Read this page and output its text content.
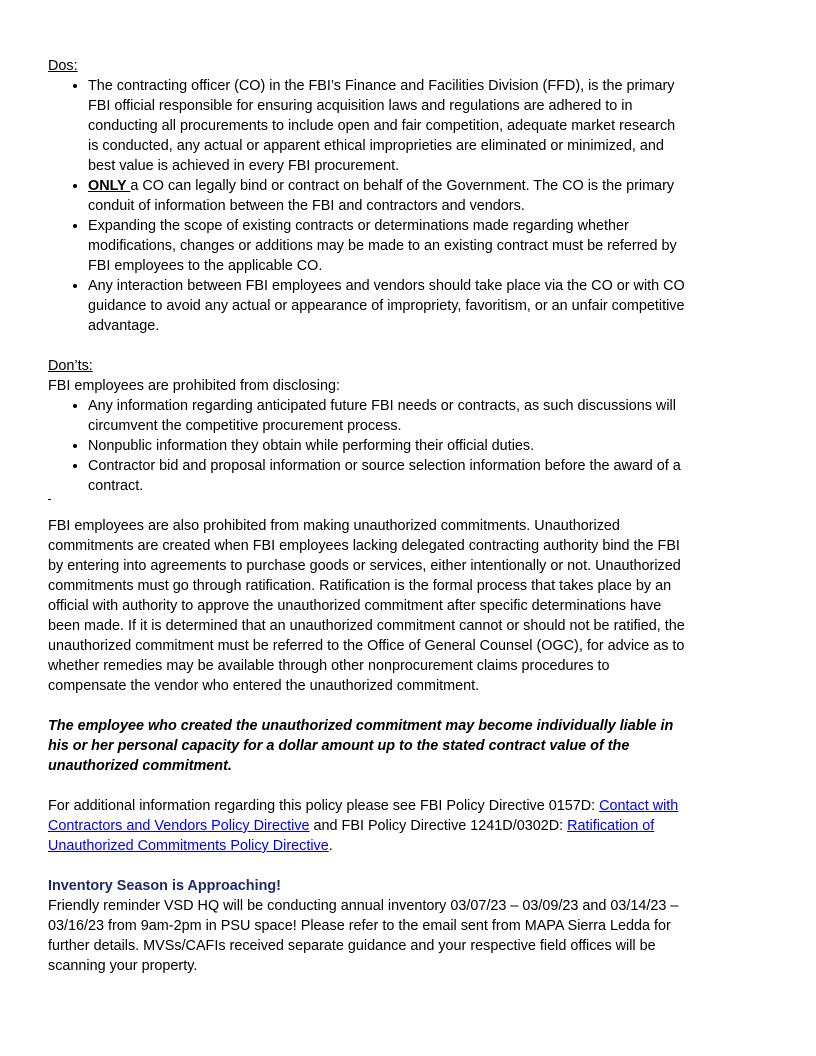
Dos:
• The contracting officer (CO) in the FBI’s Finance and Facilities Division (FFD), is the primary FBI official responsible for ensuring acquisition laws and regulations are adhered to in conducting all procurements to include open and fair competition, adequate market research is conducted, any actual or apparent ethical improprieties are eliminated or minimized, and best value is achieved in every FBI procurement.
• ONLY a CO can legally bind or contract on behalf of the Government. The CO is the primary conduit of information between the FBI and contractors and vendors.
• Expanding the scope of existing contracts or determinations made regarding whether modifications, changes or additions may be made to an existing contract must be referred by FBI employees to the applicable CO.
• Any interaction between FBI employees and vendors should take place via the CO or with CO guidance to avoid any actual or appearance of impropriety, favoritism, or an unfair competitive advantage.
Don’ts:
FBI employees are prohibited from disclosing:
• Any information regarding anticipated future FBI needs or contracts, as such discussions will circumvent the competitive procurement process.
• Nonpublic information they obtain while performing their official duties.
• Contractor bid and proposal information or source selection information before the award of a contract.
FBI employees are also prohibited from making unauthorized commitments. Unauthorized commitments are created when FBI employees lacking delegated contracting authority bind the FBI by entering into agreements to purchase goods or services, either intentionally or not. Unauthorized commitments must go through ratification. Ratification is the formal process that takes place by an official with authority to approve the unauthorized commitment after specific determinations have been made. If it is determined that an unauthorized commitment cannot or should not be ratified, the unauthorized commitment must be referred to the Office of General Counsel (OGC), for advice as to whether remedies may be available through other nonprocurement claims procedures to compensate the vendor who entered the unauthorized commitment.
The employee who created the unauthorized commitment may become individually liable in his or her personal capacity for a dollar amount up to the stated contract value of the unauthorized commitment.
For additional information regarding this policy please see FBI Policy Directive 0157D: Contact with Contractors and Vendors Policy Directive and FBI Policy Directive 1241D/0302D: Ratification of Unauthorized Commitments Policy Directive.
Inventory Season is Approaching!
Friendly reminder VSD HQ will be conducting annual inventory 03/07/23 – 03/09/23 and 03/14/23 – 03/16/23 from 9am-2pm in PSU space! Please refer to the email sent from MAPA Sierra Ledda for further details. MVSs/CAFIs received separate guidance and your respective field offices will be scanning your property.
